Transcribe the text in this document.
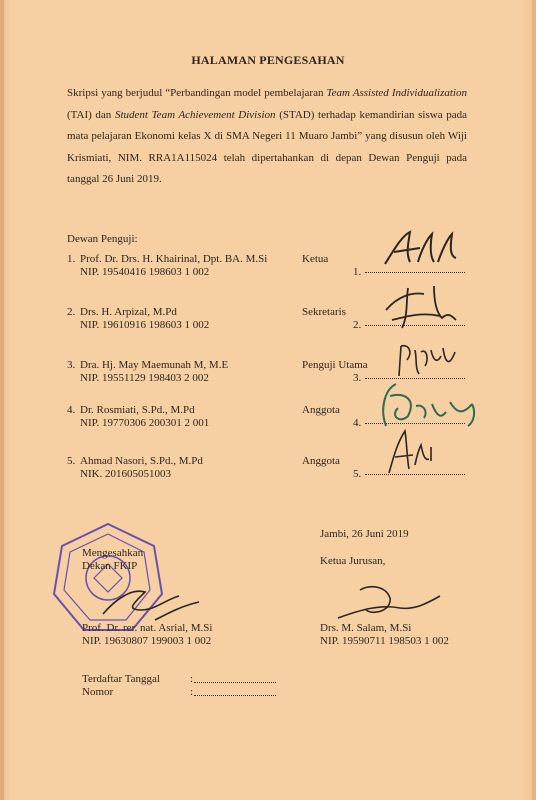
HALAMAN PENGESAHAN
Skripsi yang berjudul “Perbandingan model pembelajaran Team Assisted Individualization (TAI) dan Student Team Achievement Division (STAD) terhadap kemandirian siswa pada mata pelajaran Ekonomi kelas X di SMA Negeri 11 Muaro Jambi” yang disusun oleh Wiji Krismiati, NIM. RRA1A115024 telah dipertahankan di depan Dewan Penguji pada tanggal 26 Juni 2019.
Dewan Penguji:
1. Prof. Dr. Drs. H. Khairinal, Dpt. BA. M.Si
NIP. 19540416 198603 1 002
Ketua
1.
2. Drs. H. Arpizal, M.Pd
NIP. 19610916 198603 1 002
Sekretaris
2.
3. Dra. Hj. May Maemunah M, M.E
NIP. 19551129 198403 2 002
Penguji Utama
3.
4. Dr. Rosmiati, S.Pd., M.Pd
NIP. 19770306 200301 2 001
Anggota
4.
5. Ahmad Nasori, S.Pd., M.Pd
NIK. 201605051003
Anggota
5.
Mengesahkan
Dekan FKIP
Prof. Dr. rer. nat. Asrial, M.Si
NIP. 19630807 199003 1 002
Jambi, 26 Juni 2019
Ketua Jurusan,
Drs. M. Salam, M.Si
NIP. 19590711 198503 1 002
Terdaftar Tanggal	:
Nomor	:
